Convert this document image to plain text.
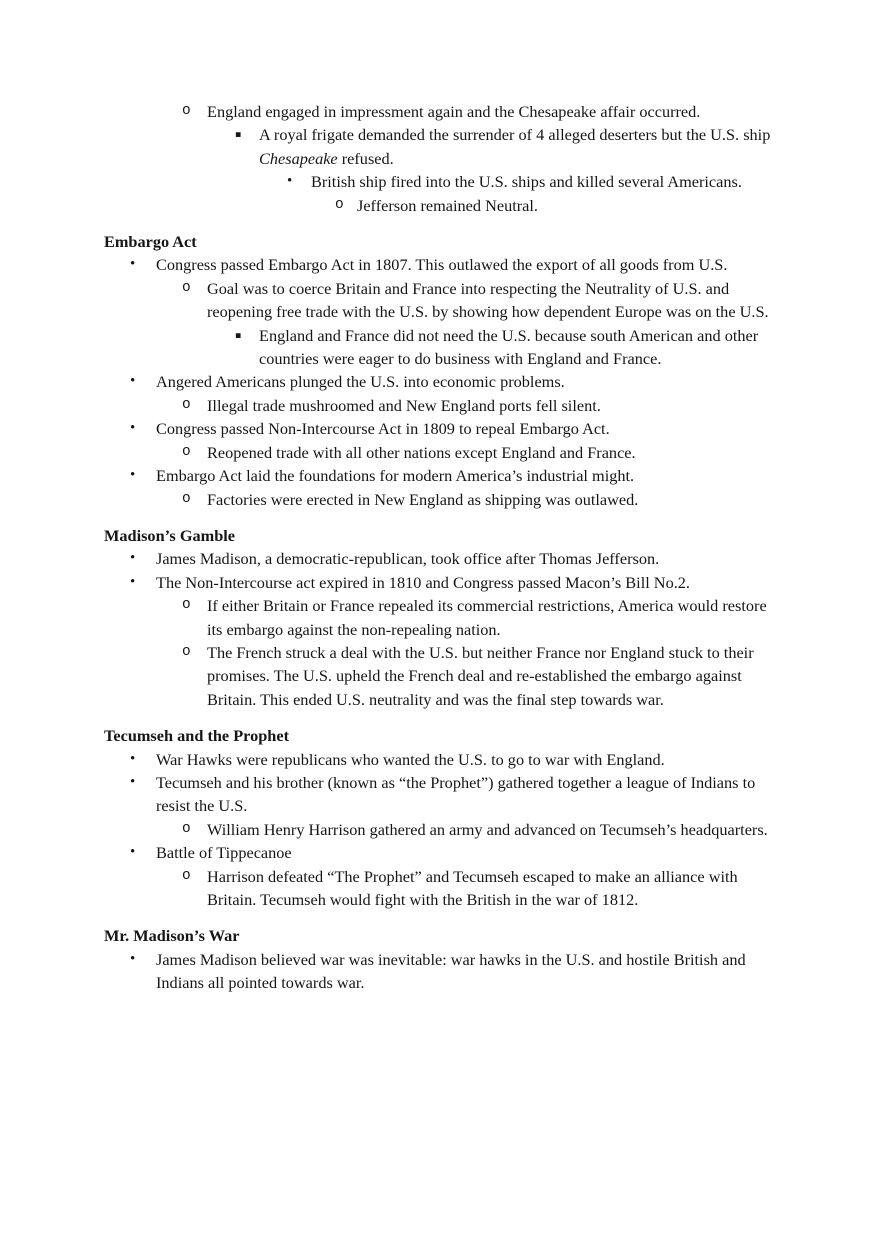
o England engaged in impressment again and the Chesapeake affair occurred.
▪ A royal frigate demanded the surrender of 4 alleged deserters but the U.S. ship Chesapeake refused.
• British ship fired into the U.S. ships and killed several Americans.
o Jefferson remained Neutral.
Embargo Act
• Congress passed Embargo Act in 1807. This outlawed the export of all goods from U.S.
o Goal was to coerce Britain and France into respecting the Neutrality of U.S. and reopening free trade with the U.S. by showing how dependent Europe was on the U.S.
▪ England and France did not need the U.S. because south American and other countries were eager to do business with England and France.
• Angered Americans plunged the U.S. into economic problems.
o Illegal trade mushroomed and New England ports fell silent.
• Congress passed Non-Intercourse Act in 1809 to repeal Embargo Act.
o Reopened trade with all other nations except England and France.
• Embargo Act laid the foundations for modern America’s industrial might.
o Factories were erected in New England as shipping was outlawed.
Madison’s Gamble
• James Madison, a democratic-republican, took office after Thomas Jefferson.
• The Non-Intercourse act expired in 1810 and Congress passed Macon’s Bill No.2.
o If either Britain or France repealed its commercial restrictions, America would restore its embargo against the non-repealing nation.
o The French struck a deal with the U.S. but neither France nor England stuck to their promises. The U.S. upheld the French deal and re-established the embargo against Britain. This ended U.S. neutrality and was the final step towards war.
Tecumseh and the Prophet
• War Hawks were republicans who wanted the U.S. to go to war with England.
• Tecumseh and his brother (known as “the Prophet”) gathered together a league of Indians to resist the U.S.
o William Henry Harrison gathered an army and advanced on Tecumseh’s headquarters.
• Battle of Tippecanoe
o Harrison defeated “The Prophet” and Tecumseh escaped to make an alliance with Britain. Tecumseh would fight with the British in the war of 1812.
Mr. Madison’s War
• James Madison believed war was inevitable: war hawks in the U.S. and hostile British and Indians all pointed towards war.
